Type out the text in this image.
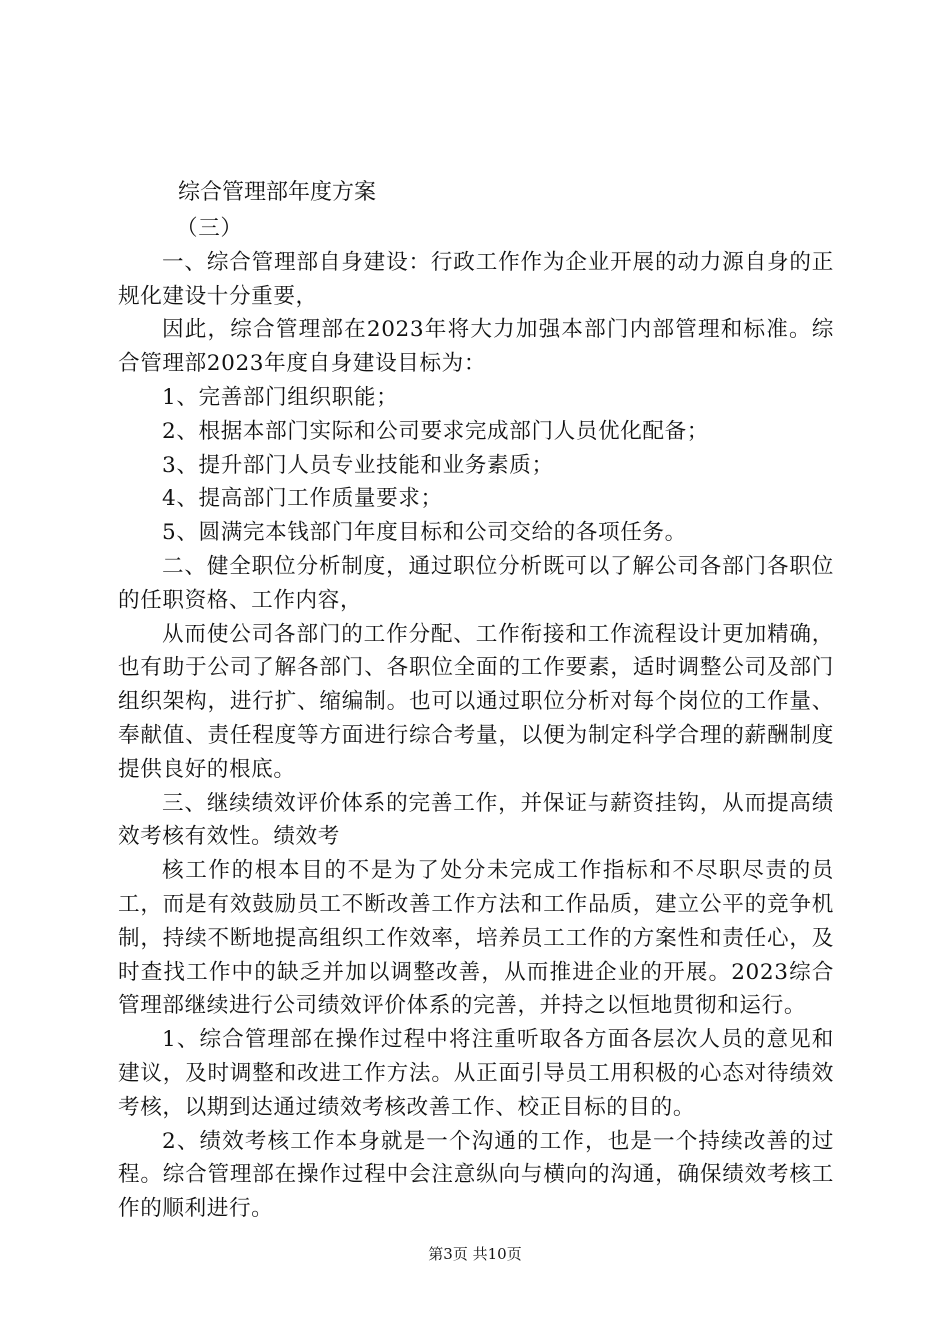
综合管理部年度方案

（三）

一、综合管理部自身建设：行政工作作为企业开展的动力源自身的正规化建设十分重要，

因此，综合管理部在2023年将大力加强本部门内部管理和标准。综合管理部2023年度自身建设目标为：

1、完善部门组织职能；

2、根据本部门实际和公司要求完成部门人员优化配备；

3、提升部门人员专业技能和业务素质；

4、提高部门工作质量要求；

5、圆满完本钱部门年度目标和公司交给的各项任务。

二、健全职位分析制度，通过职位分析既可以了解公司各部门各职位的任职资格、工作内容，

从而使公司各部门的工作分配、工作衔接和工作流程设计更加精确，也有助于公司了解各部门、各职位全面的工作要素，适时调整公司及部门组织架构，进行扩、缩编制。也可以通过职位分析对每个岗位的工作量、奉献值、责任程度等方面进行综合考量，以便为制定科学合理的薪酬制度提供良好的根底。

三、继续绩效评价体系的完善工作，并保证与薪资挂钩，从而提高绩效考核有效性。绩效考

核工作的根本目的不是为了处分未完成工作指标和不尽职尽责的员工，而是有效鼓励员工不断改善工作方法和工作品质，建立公平的竞争机制，持续不断地提高组织工作效率，培养员工工作的方案性和责任心，及时查找工作中的缺乏并加以调整改善，从而推进企业的开展。2023综合管理部继续进行公司绩效评价体系的完善，并持之以恒地贯彻和运行。

1、综合管理部在操作过程中将注重听取各方面各层次人员的意见和建议，及时调整和改进工作方法。从正面引导员工用积极的心态对待绩效考核，以期到达通过绩效考核改善工作、校正目标的目的。

2、绩效考核工作本身就是一个沟通的工作，也是一个持续改善的过程。综合管理部在操作过程中会注意纵向与横向的沟通，确保绩效考核工作的顺利进行。

第3页 共10页
